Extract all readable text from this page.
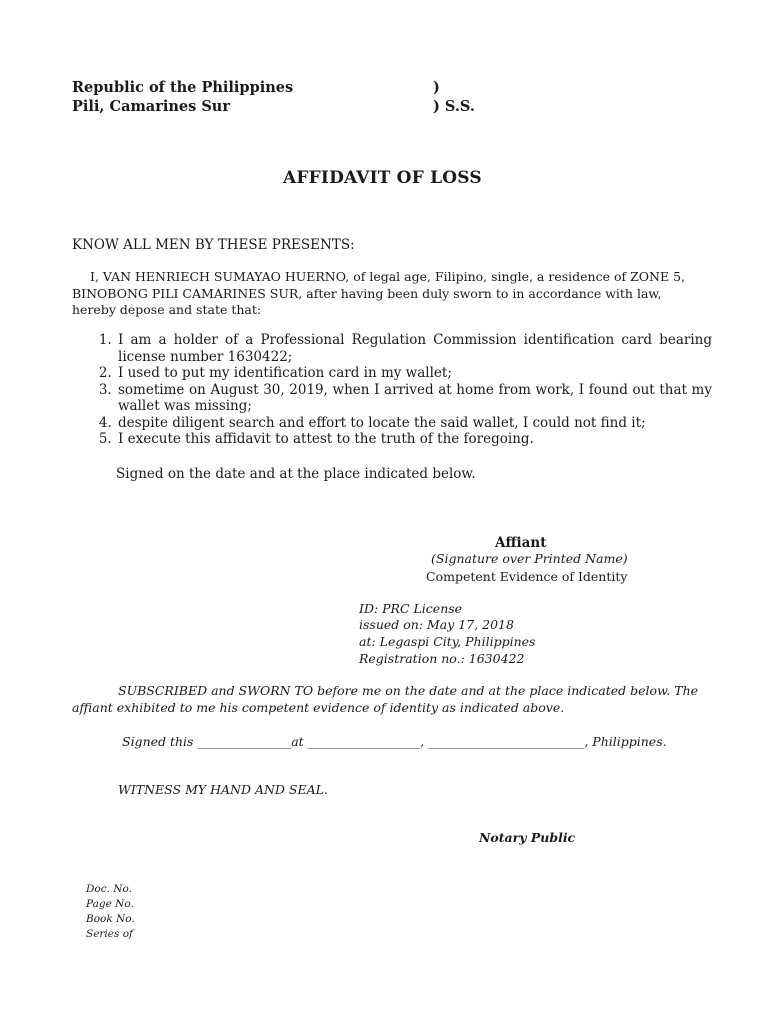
Republic of the Philippines	)
Pili, Camarines Sur	) S.S.
AFFIDAVIT OF LOSS
KNOW ALL MEN BY THESE PRESENTS:
I, VAN HENRIECH SUMAYAO HUERNO, of legal age, Filipino, single, a residence of ZONE 5,
BINOBONG PILI CAMARINES SUR, after having been duly sworn to in accordance with law,
hereby depose and state that:
1. I am a holder of a Professional Regulation Commission identification card bearing license number 1630422;
2. I used to put my identification card in my wallet;
3. sometime on August 30, 2019, when I arrived at home from work, I found out that my wallet was missing;
4. despite diligent search and effort to locate the said wallet, I could not find it;
5. I execute this affidavit to attest to the truth of the foregoing.
Signed on the date and at the place indicated below.
Affiant
(Signature over Printed Name)
Competent Evidence of Identity
ID: PRC License
issued on: May 17, 2018
at: Legaspi City, Philippines
Registration no.: 1630422
SUBSCRIBED and SWORN TO before me on the date and at the place indicated below. The
affiant exhibited to me his competent evidence of identity as indicated above.
Signed this _______________at __________________, _________________________, Philippines.
WITNESS MY HAND AND SEAL.
Notary Public
Doc. No.
Page No.
Book No.
Series of
